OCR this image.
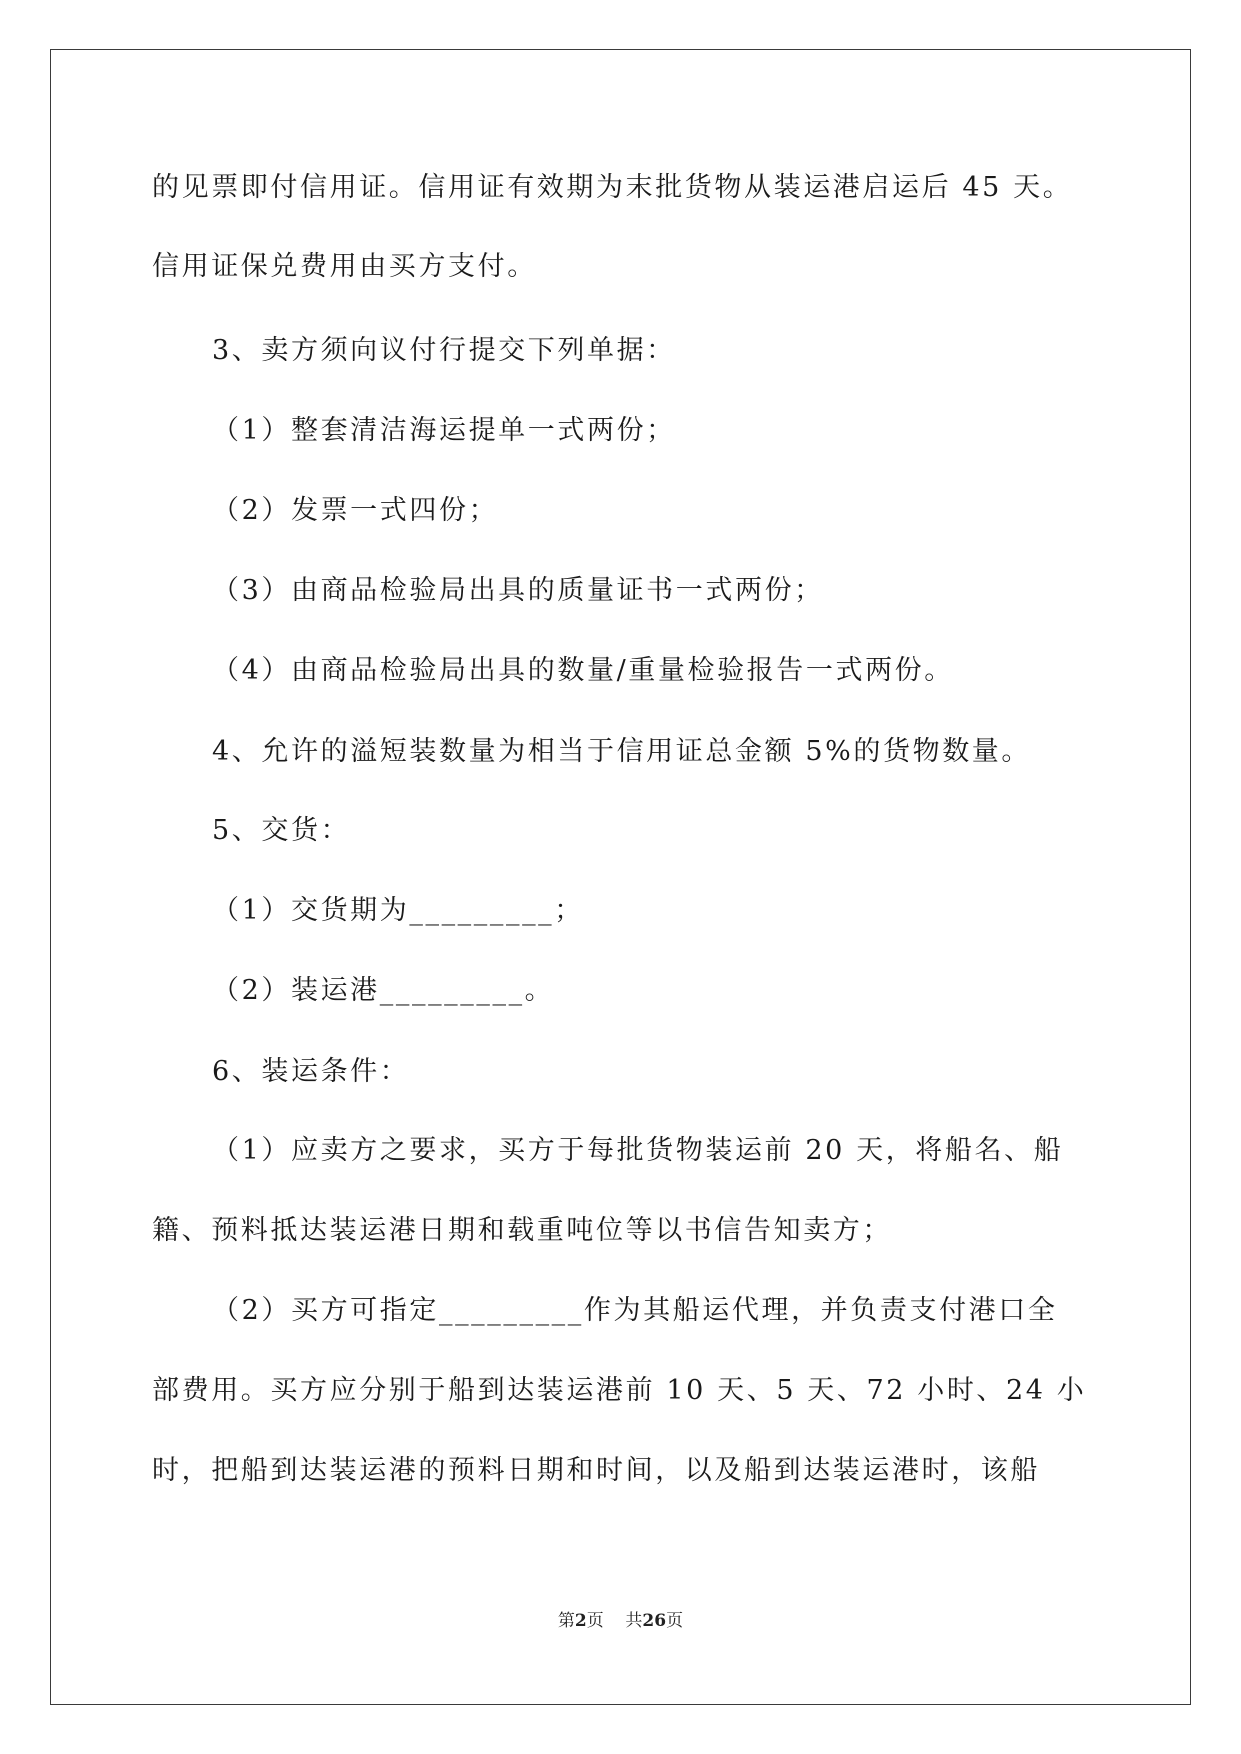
的见票即付信用证。信用证有效期为末批货物从装运港启运后 45 天。
信用证保兑费用由买方支付。
3、卖方须向议付行提交下列单据：
（1）整套清洁海运提单一式两份；
（2）发票一式四份；
（3）由商品检验局出具的质量证书一式两份；
（4）由商品检验局出具的数量/重量检验报告一式两份。
4、允许的溢短装数量为相当于信用证总金额 5%的货物数量。
5、交货：
（1）交货期为_________；
（2）装运港_________。
6、装运条件：
（1）应卖方之要求，买方于每批货物装运前 20 天，将船名、船
籍、预料抵达装运港日期和载重吨位等以书信告知卖方；
（2）买方可指定_________作为其船运代理，并负责支付港口全
部费用。买方应分别于船到达装运港前 10 天、5 天、72 小时、24 小
时，把船到达装运港的预料日期和时间，以及船到达装运港时，该船
第2页 共26页
